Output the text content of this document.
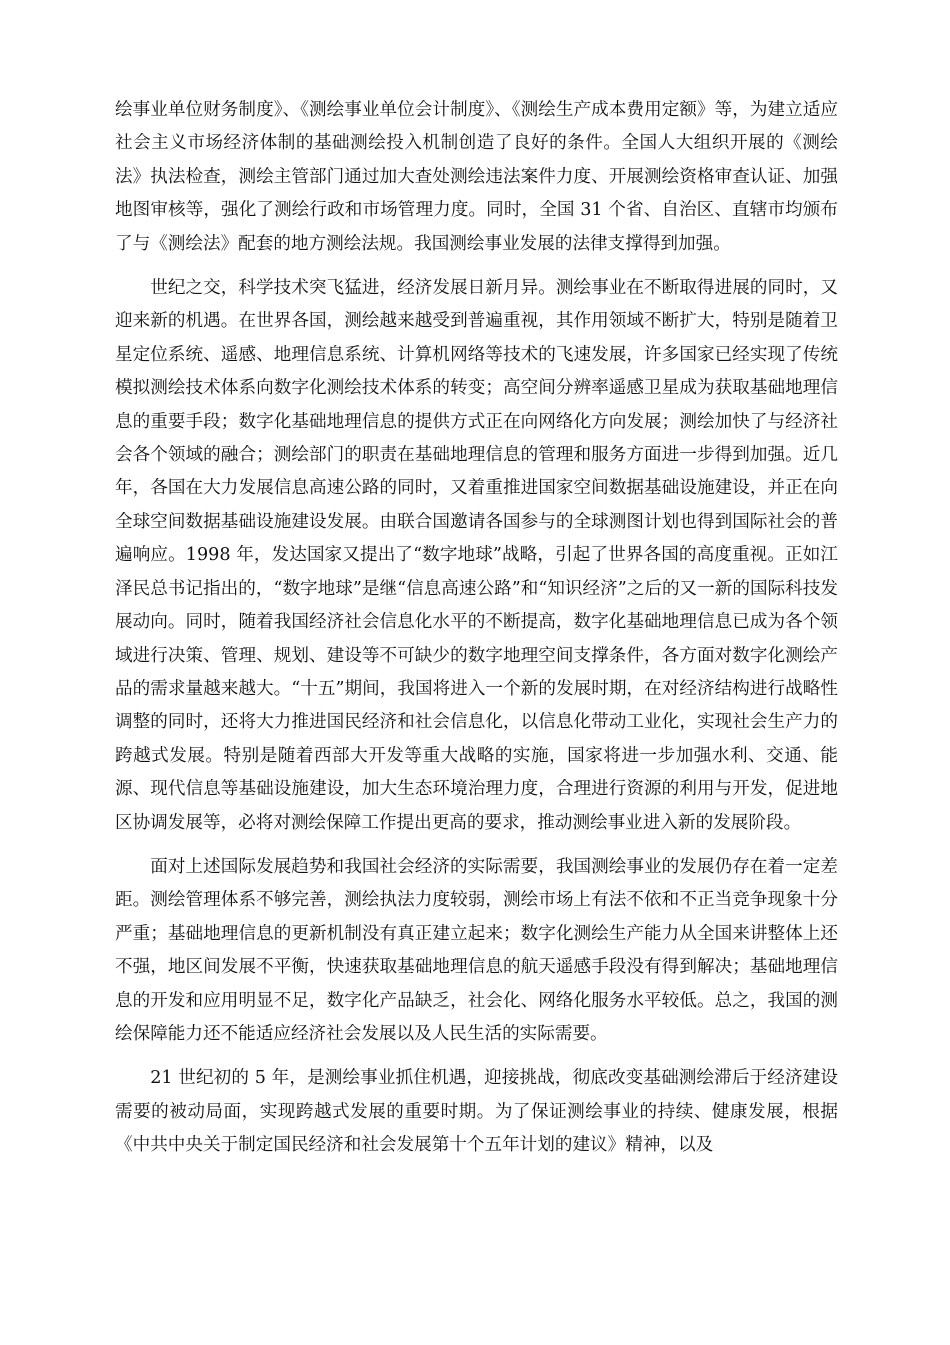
绘事业单位财务制度》、《测绘事业单位会计制度》、《测绘生产成本费用定额》等，为建立适应社会主义市场经济体制的基础测绘投入机制创造了良好的条件。全国人大组织开展的《测绘法》执法检查，测绘主管部门通过加大查处测绘违法案件力度、开展测绘资格审查认证、加强地图审核等，强化了测绘行政和市场管理力度。同时，全国 31 个省、自治区、直辖市均颁布了与《测绘法》配套的地方测绘法规。我国测绘事业发展的法律支撑得到加强。

世纪之交，科学技术突飞猛进，经济发展日新月异。测绘事业在不断取得进展的同时，又迎来新的机遇。在世界各国，测绘越来越受到普遍重视，其作用领域不断扩大，特别是随着卫星定位系统、遥感、地理信息系统、计算机网络等技术的飞速发展，许多国家已经实现了传统模拟测绘技术体系向数字化测绘技术体系的转变；高空间分辨率遥感卫星成为获取基础地理信息的重要手段；数字化基础地理信息的提供方式正在向网络化方向发展；测绘加快了与经济社会各个领域的融合；测绘部门的职责在基础地理信息的管理和服务方面进一步得到加强。近几年，各国在大力发展信息高速公路的同时，又着重推进国家空间数据基础设施建设，并正在向全球空间数据基础设施建设发展。由联合国邀请各国参与的全球测图计划也得到国际社会的普遍响应。1998 年，发达国家又提出了“数字地球”战略，引起了世界各国的高度重视。正如江泽民总书记指出的，“数字地球”是继“信息高速公路”和“知识经济”之后的又一新的国际科技发展动向。同时，随着我国经济社会信息化水平的不断提高，数字化基础地理信息已成为各个领域进行决策、管理、规划、建设等不可缺少的数字地理空间支撑条件，各方面对数字化测绘产品的需求量越来越大。“十五”期间，我国将进入一个新的发展时期，在对经济结构进行战略性调整的同时，还将大力推进国民经济和社会信息化，以信息化带动工业化，实现社会生产力的跨越式发展。特别是随着西部大开发等重大战略的实施，国家将进一步加强水利、交通、能源、现代信息等基础设施建设，加大生态环境治理力度，合理进行资源的利用与开发，促进地区协调发展等，必将对测绘保障工作提出更高的要求，推动测绘事业进入新的发展阶段。

面对上述国际发展趋势和我国社会经济的实际需要，我国测绘事业的发展仍存在着一定差距。测绘管理体系不够完善，测绘执法力度较弱，测绘市场上有法不依和不正当竞争现象十分严重；基础地理信息的更新机制没有真正建立起来；数字化测绘生产能力从全国来讲整体上还不强，地区间发展不平衡，快速获取基础地理信息的航天遥感手段没有得到解决；基础地理信息的开发和应用明显不足，数字化产品缺乏，社会化、网络化服务水平较低。总之，我国的测绘保障能力还不能适应经济社会发展以及人民生活的实际需要。

21 世纪初的 5 年，是测绘事业抓住机遇，迎接挑战，彻底改变基础测绘滞后于经济建设需要的被动局面，实现跨越式发展的重要时期。为了保证测绘事业的持续、健康发展，根据《中共中央关于制定国民经济和社会发展第十个五年计划的建议》精神，以及
